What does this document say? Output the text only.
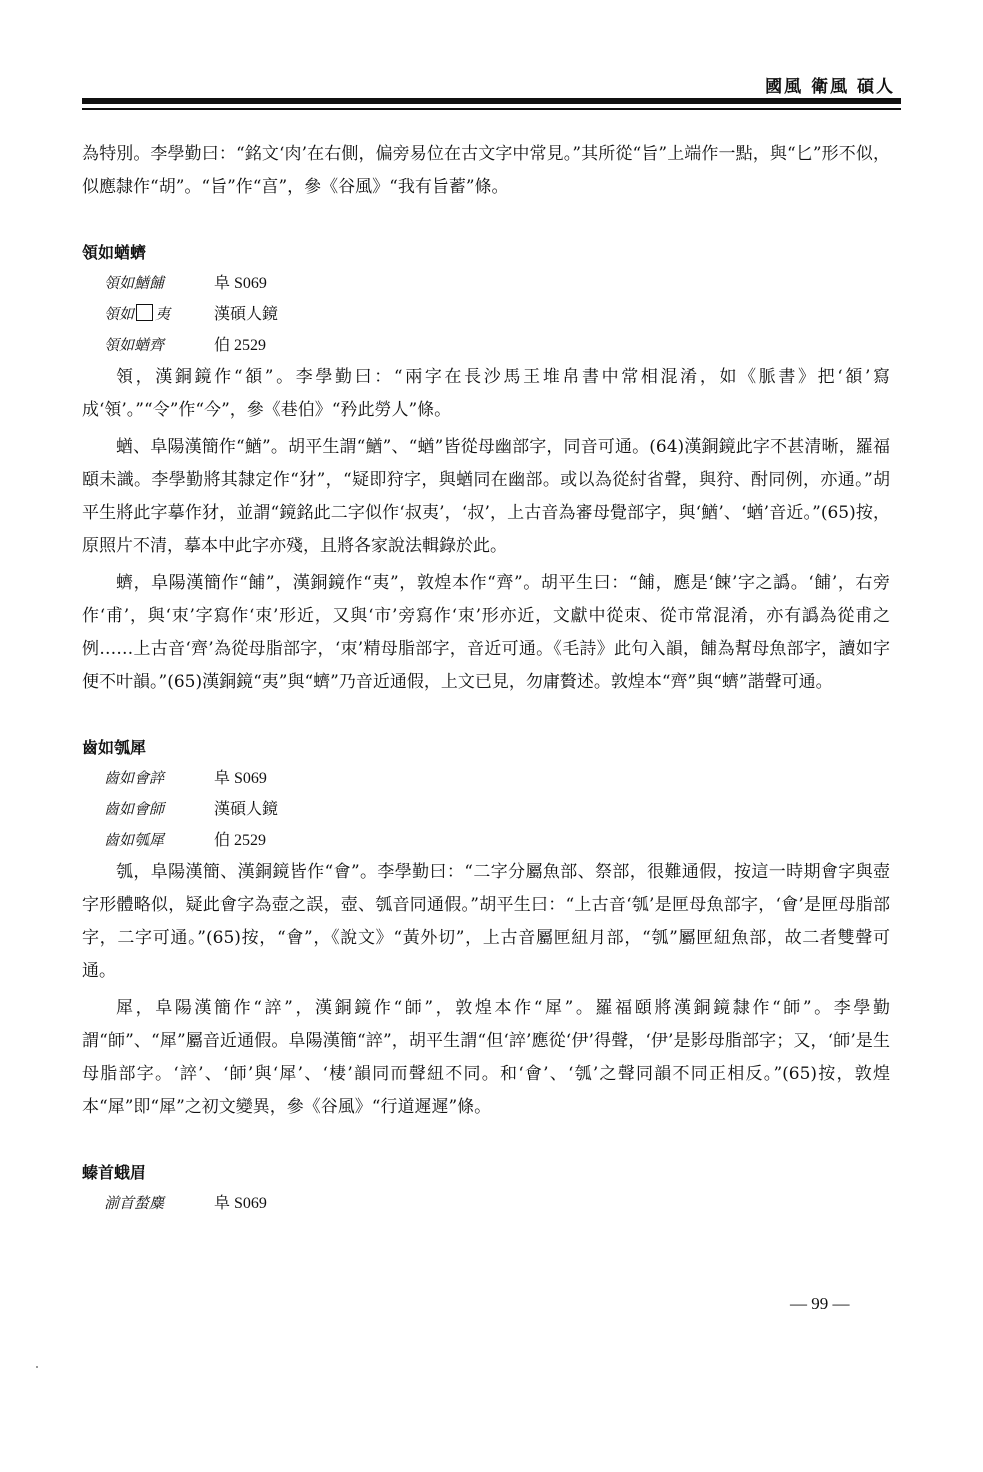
國風 衛風 碩人

為特別。李學勤曰：“銘文‘肉’在右側，偏旁易位在古文字中常見。”其所從“旨”上端作一點，與“匕”形不似，似應隸作“胡”。“旨”作“亯”，參《谷風》“我有旨蓄”條。

領如蝤蠐
領如鰌餔	阜 S069
領如 夷	漢碩人鏡
領如蝤齊	伯 2529

領，漢銅鏡作“頟”。李學勤曰：“兩字在長沙馬王堆帛書中常相混淆，如《脈書》把‘頟’寫成‘領’。”“令”作“今”，參《巷伯》“矜此勞人”條。

蝤、阜陽漢簡作“鰌”。胡平生謂“鰌”、“蝤”皆從母幽部字，同音可通。(64)漢銅鏡此字不甚清晰，羅福頤未識。李學勤將其隸定作“犲”，“疑即狩字，與蝤同在幽部。或以為從紂省聲，與狩、酎同例，亦通。”胡平生將此字摹作犲，並謂“鏡銘此二字似作‘叔夷’，‘叔’，上古音為審母覺部字，與‘鰌’、‘蝤’音近。”(65)按，原照片不清，摹本中此字亦殘，且將各家說法輯錄於此。

蠐，阜陽漢簡作“餔”，漢銅鏡作“夷”，敦煌本作“齊”。胡平生曰：“餔，應是‘餗’字之譌。‘餔’，右旁作‘甫’，與‘朿’字寫作‘朿’形近，又與‘市’旁寫作‘朿’形亦近，文獻中從朿、從市常混淆，亦有譌為從甫之例……上古音‘齊’為從母脂部字，‘朿’精母脂部字，音近可通。《毛詩》此句入韻，餔為幫母魚部字，讀如字便不叶韻。”(65)漢銅鏡“夷”與“蠐”乃音近通假，上文已見，勿庸贅述。敦煌本“齊”與“蠐”諧聲可通。

齒如瓠犀
齒如會誶	阜 S069
齒如會師	漢碩人鏡
齒如瓠犀	伯 2529

瓠，阜陽漢簡、漢銅鏡皆作“會”。李學勤曰：“二字分屬魚部、祭部，很難通假，按這一時期會字與壺字形體略似，疑此會字為壺之誤，壺、瓠音同通假。”胡平生曰：“上古音‘瓠’是匣母魚部字，‘會’是匣母脂部字，二字可通。”(65)按，“會”，《說文》“黃外切”，上古音屬匣紐月部，“瓠”屬匣紐魚部，故二者雙聲可通。

犀，阜陽漢簡作“誶”，漢銅鏡作“師”，敦煌本作“犀”。羅福頤將漢銅鏡隸作“師”。李學勤謂“師”、“犀”屬音近通假。阜陽漢簡“誶”，胡平生謂“但‘誶’應從‘伊’得聲，‘伊’是影母脂部字；又，‘師’是生母脂部字。‘誶’、‘師’與‘犀’、‘棲’韻同而聲紐不同。和‘會’、‘瓠’之聲同韻不同正相反。”(65)按，敦煌本“犀”即“犀”之初文變異，參《谷風》“行道遲遲”條。

螓首蛾眉
湔首蝵麋	阜 S069
— 99 —
